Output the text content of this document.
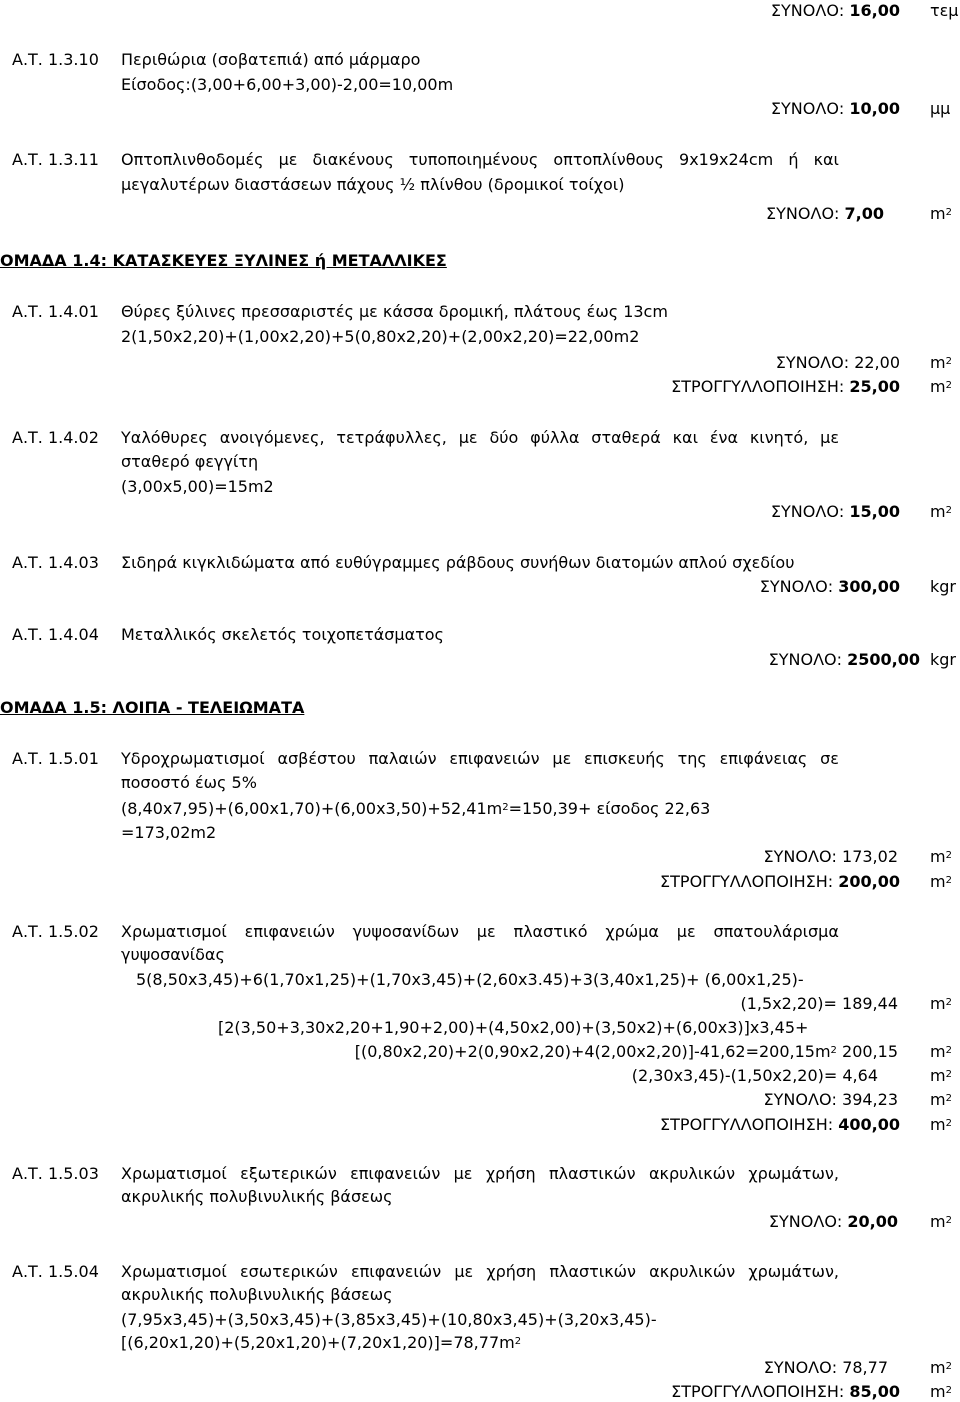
ΣΥΝΟΛΟ: 16,00 τεμ
Α.Τ. 1.3.10 Περιθώρια (σοβατεπιά) από μάρμαρο
Είσοδος:(3,00+6,00+3,00)-2,00=10,00m
ΣΥΝΟΛΟ: 10,00 μμ
Α.Τ. 1.3.11 Οπτοπλινθοδομές με διακένους τυποποιημένους οπτοπλίνθους 9x19x24cm ή και
μεγαλυτέρων διαστάσεων πάχους ½ πλίνθου (δρομικοί τοίχοι)
ΣΥΝΟΛΟ: 7,00	$m^2$
ΟΜΑΔΑ 1.4: ΚΑΤΑΣΚΕΥΕΣ ΞΥΛΙΝΕΣ ή ΜΕΤΑΛΛΙΚΕΣ
Α.Τ. 1.4.01 Θύρες ξύλινες πρεσσαριστές με κάσσα δρομική, πλάτους έως 13cm
2(1,50x2,20)+(1,00x2,20)+5(0,80x2,20)+(2,00x2,20)=22,00m2
ΣΥΝΟΛΟ: 22,00 $m^2$
ΣΤΡΟΓΓΥΛΛΟΠΟΙΗΣΗ: 25,00 $m^2$
Α.Τ. 1.4.02 Υαλόθυρες ανοιγόμενες, τετράφυλλες, με δύο φύλλα σταθερά και ένα κινητό, με
σταθερό φεγγίτη
(3,00x5,00)=15m2
ΣΥΝΟΛΟ: 15,00 $m^2$
Α.Τ. 1.4.03 Σιδηρά κιγκλιδώματα από ευθύγραμμες ράβδους συνήθων διατομών απλού σχεδίου
ΣΥΝΟΛΟ: 300,00 kgr
Α.Τ. 1.4.04 Μεταλλικός σκελετός τοιχοπετάσματος
ΣΥΝΟΛΟ: 2500,00 kgr
ΟΜΑΔΑ 1.5: ΛΟΙΠΑ - ΤΕΛΕΙΩΜΑΤΑ
Α.Τ. 1.5.01 Υδροχρωματισμοί ασβέστου παλαιών επιφανειών με επισκευής της επιφάνειας σε
ποσοστό έως 5%
$(8,40x7,95)+(6,00x1,70)+(6,00x3,50)+52,41m^2=150,39+ \varepsilon ί\sigma o\delta o\varsigma$ 22,63
=173,02m2
ΣΥΝΟΛΟ: 173,02 $m^2$
ΣΤΡΟΓΓΥΛΛΟΠΟΙΗΣΗ: 200,00 $m^2$
Α.Τ. 1.5.02 Χρωματισμοί επιφανειών γυψοσανίδων με πλαστικό χρώμα με σπατουλάρισμα
γυψοσανίδας
5(8,50x3,45)+6(1,70x1,25)+(1,70x3,45)+(2,60x3.45)+3(3,40x1,25)+ (6,00x1,25)-
(1,5x2,20)= 189,44 $m^2$
[2(3,50+3,30x2,20+1,90+2,00)+(4,50x2,00)+(3,50x2)+(6,00x3)]x3,45+
$[(0,80x2,20)+2(0,90x2,20)+4(2,00x2,20)]-41,62=200,15m^2$ 200,15 $m^2$
(2,30x3,45)-(1,50x2,20)= 4,64	$m^2$
ΣΥΝΟΛΟ: 394,23 $m^2$
ΣΤΡΟΓΓΥΛΛΟΠΟΙΗΣΗ: 400,00 $m^2$
Α.Τ. 1.5.03 Χρωματισμοί εξωτερικών επιφανειών με χρήση πλαστικών ακρυλικών χρωμάτων,
ακρυλικής πολυβινυλικής βάσεως
ΣΥΝΟΛΟ: 20,00 $m^2$
Α.Τ. 1.5.04 Χρωματισμοί εσωτερικών επιφανειών με χρήση πλαστικών ακρυλικών χρωμάτων,
ακρυλικής πολυβινυλικής βάσεως
(7,95x3,45)+(3,50x3,45)+(3,85x3,45)+(10,80x3,45)+(3,20x3,45)-
$[(6,20x1,20)+(5,20x1,20)+(7,20x1,20)]=78,77m^2$
ΣΥΝΟΛΟ: 78,77	$m^2$
ΣΤΡΟΓΓΥΛΛΟΠΟΙΗΣΗ: 85,00 $m^2$
